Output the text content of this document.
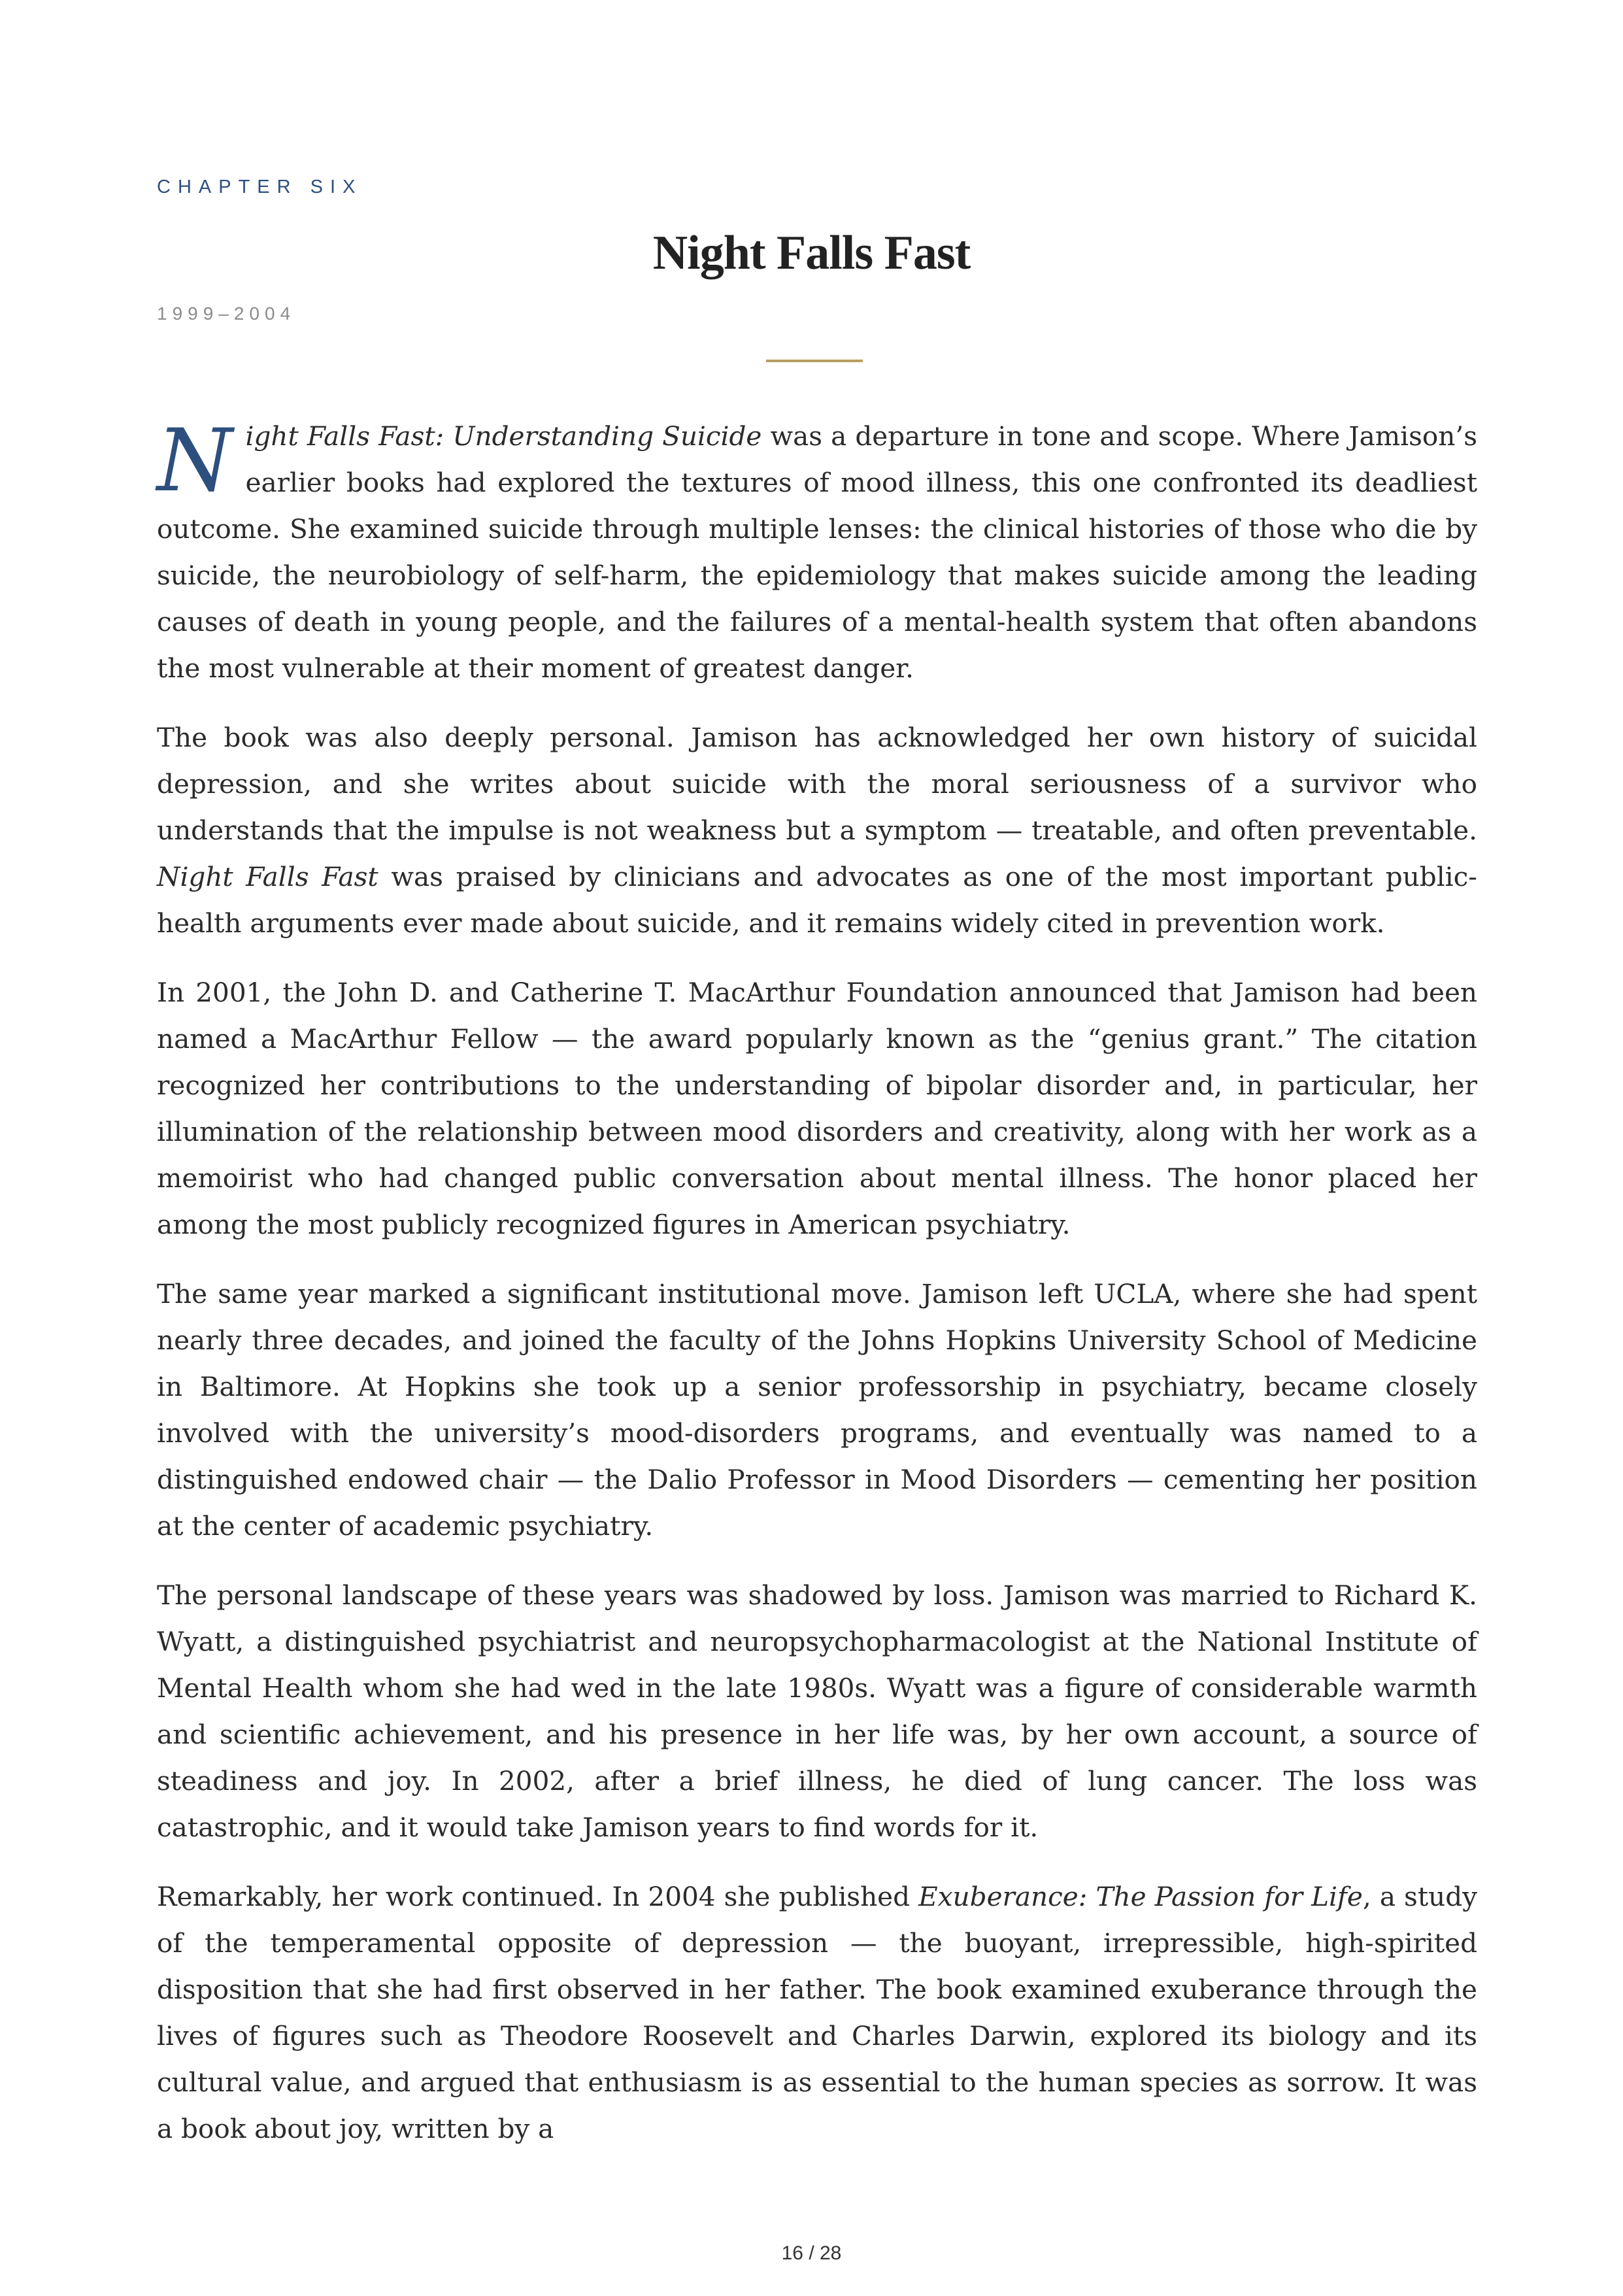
CHAPTER SIX
Night Falls Fast
1999–2004

Night Falls Fast: Understanding Suicide was a departure in tone and scope. Where Jamison’s earlier books had explored the textures of mood illness, this one confronted its deadliest outcome. She examined suicide through multiple lenses: the clinical histories of those who die by suicide, the neurobiology of self-harm, the epidemiology that makes suicide among the leading causes of death in young people, and the failures of a mental-health system that often abandons the most vulnerable at their moment of greatest danger.

The book was also deeply personal. Jamison has acknowledged her own history of suicidal depression, and she writes about suicide with the moral seriousness of a survivor who understands that the impulse is not weakness but a symptom — treatable, and often preventable. Night Falls Fast was praised by clinicians and advocates as one of the most important public-health arguments ever made about suicide, and it remains widely cited in prevention work.

In 2001, the John D. and Catherine T. MacArthur Foundation announced that Jamison had been named a MacArthur Fellow — the award popularly known as the “genius grant.” The citation recognized her contributions to the understanding of bipolar disorder and, in particular, her illumination of the relationship between mood disorders and creativity, along with her work as a memoirist who had changed public conversation about mental illness. The honor placed her among the most publicly recognized figures in American psychiatry.

The same year marked a significant institutional move. Jamison left UCLA, where she had spent nearly three decades, and joined the faculty of the Johns Hopkins University School of Medicine in Baltimore. At Hopkins she took up a senior professorship in psychiatry, became closely involved with the university’s mood-disorders programs, and eventually was named to a distinguished endowed chair — the Dalio Professor in Mood Disorders — cementing her position at the center of academic psychiatry.

The personal landscape of these years was shadowed by loss. Jamison was married to Richard K. Wyatt, a distinguished psychiatrist and neuropsychopharmacologist at the National Institute of Mental Health whom she had wed in the late 1980s. Wyatt was a figure of considerable warmth and scientific achievement, and his presence in her life was, by her own account, a source of steadiness and joy. In 2002, after a brief illness, he died of lung cancer. The loss was catastrophic, and it would take Jamison years to find words for it.

Remarkably, her work continued. In 2004 she published Exuberance: The Passion for Life, a study of the temperamental opposite of depression — the buoyant, irrepressible, high-spirited disposition that she had first observed in her father. The book examined exuberance through the lives of figures such as Theodore Roosevelt and Charles Darwin, explored its biology and its cultural value, and argued that enthusiasm is as essential to the human species as sorrow. It was a book about joy, written by a

16 / 28
